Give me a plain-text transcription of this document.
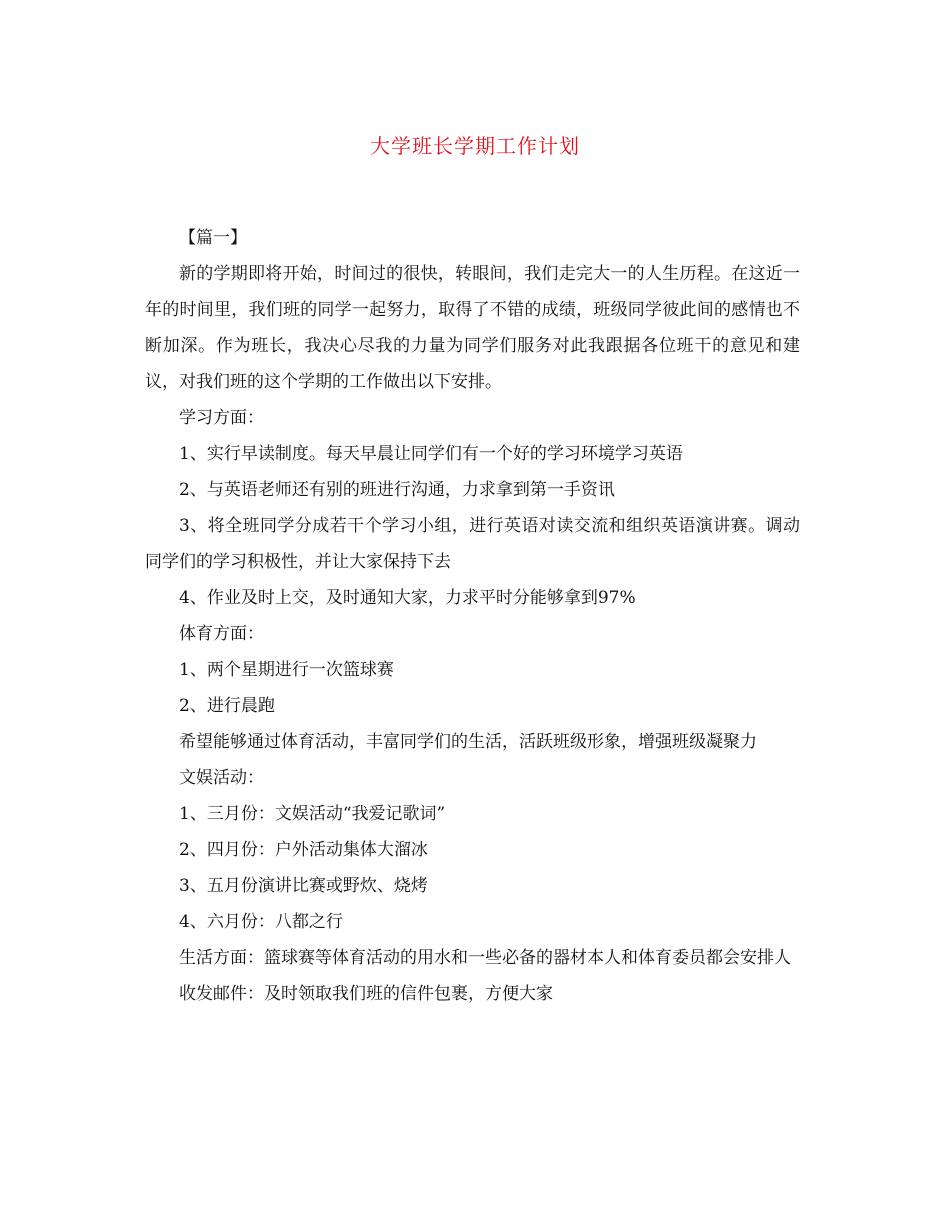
大学班长学期工作计划

【篇一】

新的学期即将开始，时间过的很快，转眼间，我们走完大一的人生历程。在这近一年的时间里，我们班的同学一起努力，取得了不错的成绩，班级同学彼此间的感情也不断加深。作为班长，我决心尽我的力量为同学们服务对此我跟据各位班干的意见和建议，对我们班的这个学期的工作做出以下安排。

学习方面：

1、实行早读制度。每天早晨让同学们有一个好的学习环境学习英语

2、与英语老师还有别的班进行沟通，力求拿到第一手资讯

3、将全班同学分成若干个学习小组，进行英语对读交流和组织英语演讲赛。调动同学们的学习积极性，并让大家保持下去

4、作业及时上交，及时通知大家，力求平时分能够拿到97%

体育方面：

1、两个星期进行一次篮球赛

2、进行晨跑

希望能够通过体育活动，丰富同学们的生活，活跃班级形象，增强班级凝聚力

文娱活动：

1、三月份：文娱活动“我爱记歌词”

2、四月份：户外活动集体大溜冰

3、五月份演讲比赛或野炊、烧烤

4、六月份：八都之行

生活方面：篮球赛等体育活动的用水和一些必备的器材本人和体育委员都会安排人

收发邮件：及时领取我们班的信件包裹，方便大家
